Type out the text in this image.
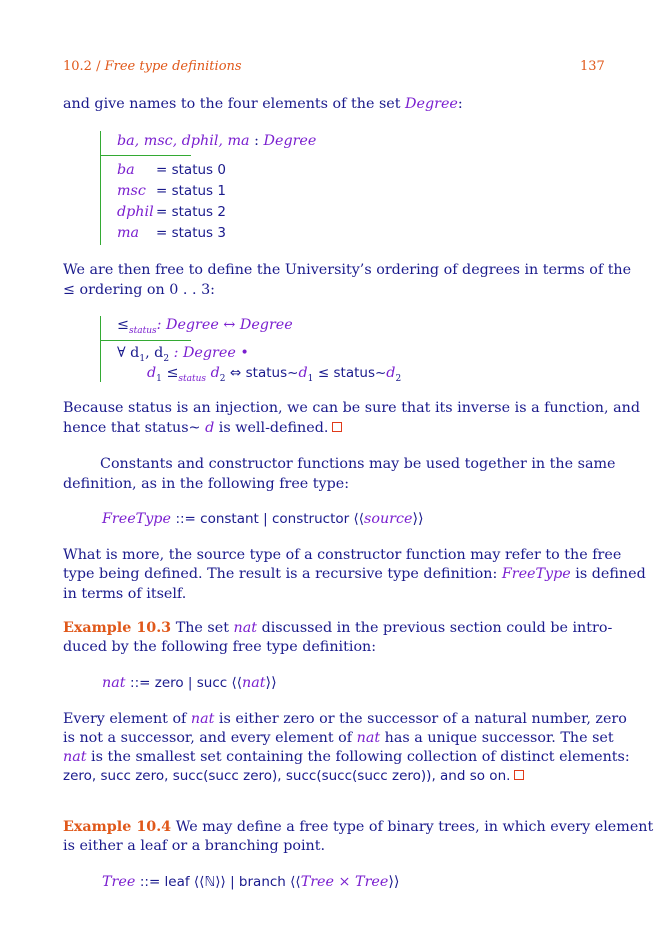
10.2 / Free type definitions	137
and give names to the four elements of the set Degree:
ba, msc, dphil, ma : Degree
ba = status 0
msc = status 1
dphil = status 2
ma = status 3
We are then free to define the University’s ordering of degrees in terms of the
≤ ordering on 0 . . 3:
$\le_{status}$: Degree ↔ Degree
∀ $d_1$, $d_2$ : Degree •
$d_1 \le_{status}$ $d_2$ ⇔ $status\sim d_1$ ≤ $status\sim d_2$
Because status is an injection, we can be sure that its inverse is a function, and
hence that status~ d is well-defined.
Constants and constructor functions may be used together in the same
definition, as in the following free type:
FreeType ::= constant | constructor ⟨⟨source⟩⟩
What is more, the source type of a constructor function may refer to the free
type being defined. The result is a recursive type definition: FreeType is defined
in terms of itself.
Example 10.3 The set nat discussed in the previous section could be intro-
duced by the following free type definition:
nat ::= zero | succ ⟨⟨nat⟩⟩
Every element of nat is either zero or the successor of a natural number, zero
is not a successor, and every element of nat has a unique successor. The set
nat is the smallest set containing the following collection of distinct elements:
zero, succ zero, succ(succ zero), succ(succ(succ zero)), and so on.
Example 10.4 We may define a free type of binary trees, in which every element
is either a leaf or a branching point.
Tree ::= leaf ⟨⟨ℕ⟩⟩ | branch ⟨⟨Tree × Tree⟩⟩
